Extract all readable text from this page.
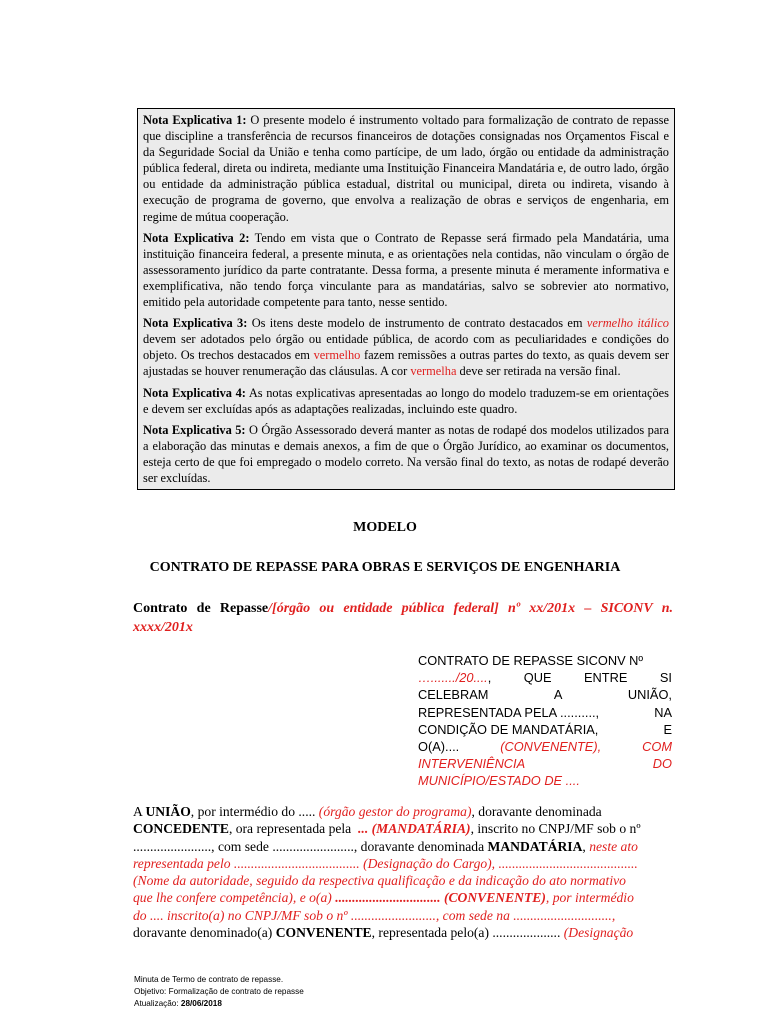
Nota Explicativa 1: O presente modelo é instrumento voltado para formalização de contrato de repasse que discipline a transferência de recursos financeiros de dotações consignadas nos Orçamentos Fiscal e da Seguridade Social da União e tenha como partícipe, de um lado, órgão ou entidade da administração pública federal, direta ou indireta, mediante uma Instituição Financeira Mandatária e, de outro lado, órgão ou entidade da administração pública estadual, distrital ou municipal, direta ou indireta, visando à execução de programa de governo, que envolva a realização de obras e serviços de engenharia, em regime de mútua cooperação.

Nota Explicativa 2: Tendo em vista que o Contrato de Repasse será firmado pela Mandatária, uma instituição financeira federal, a presente minuta, e as orientações nela contidas, não vinculam o órgão de assessoramento jurídico da parte contratante. Dessa forma, a presente minuta é meramente informativa e exemplificativa, não tendo força vinculante para as mandatárias, salvo se sobrevier ato normativo, emitido pela autoridade competente para tanto, nesse sentido.

Nota Explicativa 3: Os itens deste modelo de instrumento de contrato destacados em vermelho itálico devem ser adotados pelo órgão ou entidade pública, de acordo com as peculiaridades e condições do objeto. Os trechos destacados em vermelho fazem remissões a outras partes do texto, as quais devem ser ajustadas se houver renumeração das cláusulas. A cor vermelha deve ser retirada na versão final.

Nota Explicativa 4: As notas explicativas apresentadas ao longo do modelo traduzem-se em orientações e devem ser excluídas após as adaptações realizadas, incluindo este quadro.

Nota Explicativa 5: O Órgão Assessorado deverá manter as notas de rodapé dos modelos utilizados para a elaboração das minutas e demais anexos, a fim de que o Órgão Jurídico, ao examinar os documentos, esteja certo de que foi empregado o modelo correto. Na versão final do texto, as notas de rodapé deverão ser excluídas.

MODELO
CONTRATO DE REPASSE PARA OBRAS E SERVIÇOS DE ENGENHARIA
Contrato de Repasse/[órgão ou entidade pública federal] nº xx/201x – SICONV n. xxxx/201x
CONTRATO DE REPASSE SICONV Nº
…......./20....,	QUE	ENTRE	SI
CELEBRAM	A	UNIÃO,
REPRESENTADA PELA ..........,	NA
CONDIÇÃO DE MANDATÁRIA,	E
O(A)....	(CONVENENTE),	COM
INTERVENIÊNCIA	DO
MUNICÍPIO/ESTADO DE ....
A UNIÃO, por intermédio do ..... (órgão gestor do programa), doravante denominada
CONCEDENTE, ora representada pela  ... (MANDATÁRIA), inscrito no CNPJ/MF sob o nº
......................., com sede ........................, doravante denominada MANDATÁRIA, neste ato
representada pelo ..................................... (Designação do Cargo), .........................................
(Nome da autoridade, seguido da respectiva qualificação e da indicação do ato normativo
que lhe confere competência), e o(a) ............................... (CONVENENTE), por intermédio
do .... inscrito(a) no CNPJ/MF sob o nº ........................., com sede na .............................,
doravante denominado(a) CONVENENTE, representada pelo(a) .................... (Designação
Minuta de Termo de contrato de repasse.
Objetivo: Formalização de contrato de repasse
Atualização: 28/06/2018
